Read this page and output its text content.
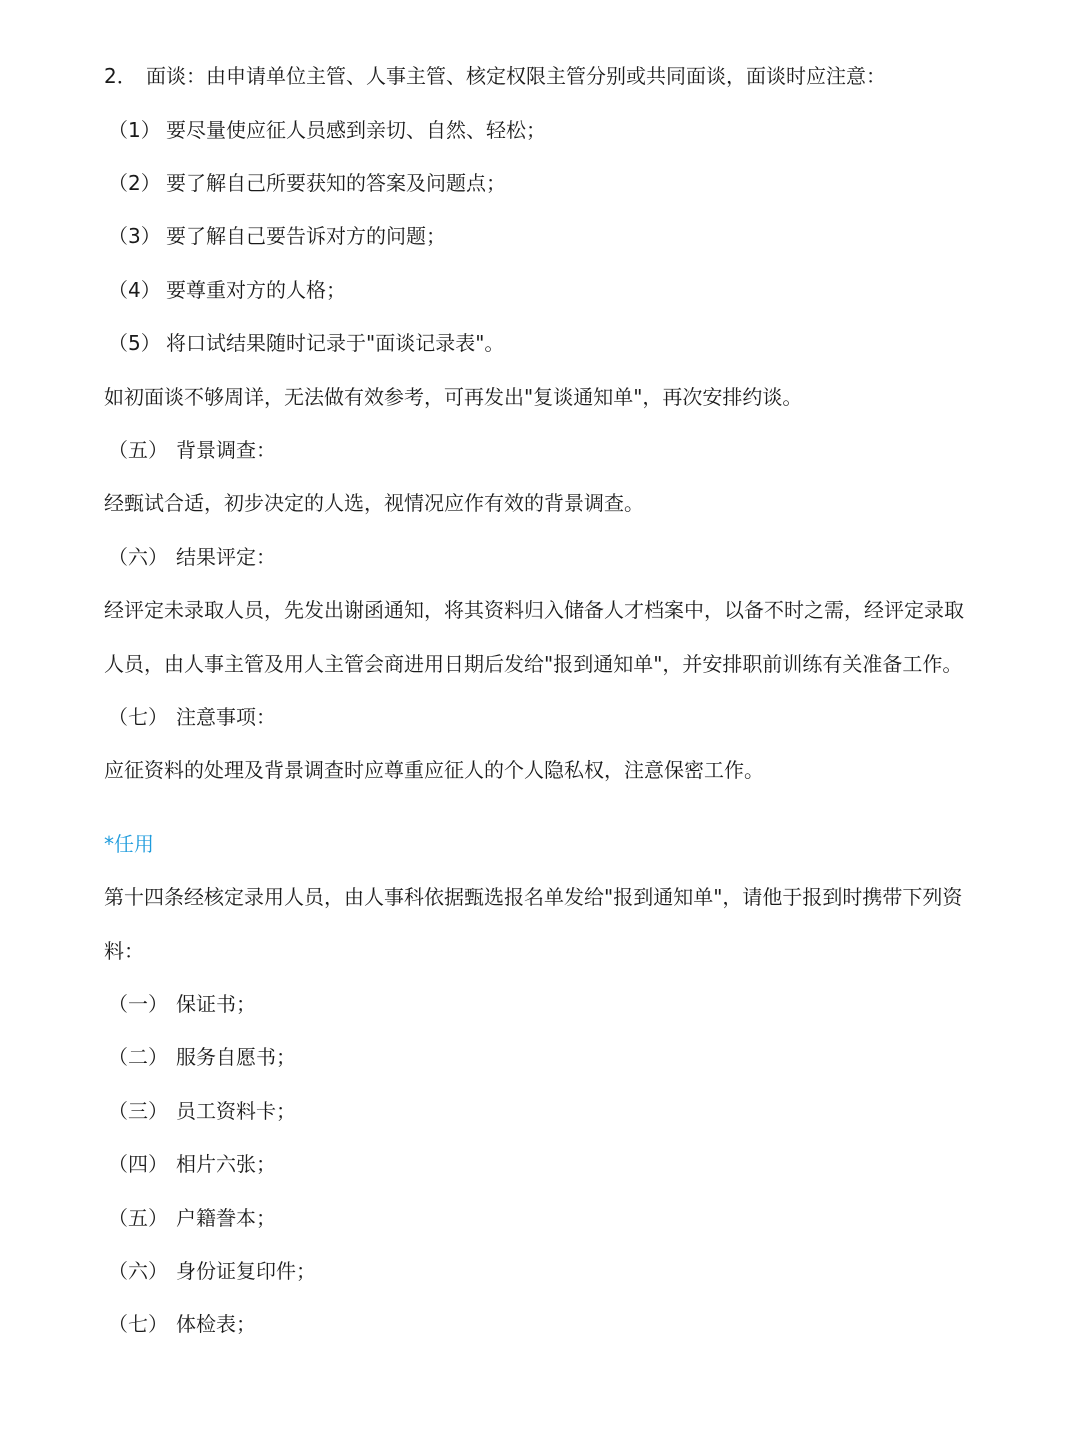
2． 面谈：由申请单位主管、人事主管、核定权限主管分别或共同面谈，面谈时应注意：
（1） 要尽量使应征人员感到亲切、自然、轻松；
（2） 要了解自己所要获知的答案及问题点；
（3） 要了解自己要告诉对方的问题；
（4） 要尊重对方的人格；
（5） 将口试结果随时记录于"面谈记录表"。
如初面谈不够周详，无法做有效参考，可再发出"复谈通知单"，再次安排约谈。
（五） 背景调查：
经甄试合适，初步决定的人选，视情况应作有效的背景调查。
（六） 结果评定：
经评定未录取人员，先发出谢函通知，将其资料归入储备人才档案中，以备不时之需，经评定录取
人员，由人事主管及用人主管会商进用日期后发给"报到通知单"，并安排职前训练有关准备工作。
（七） 注意事项：
应征资料的处理及背景调查时应尊重应征人的个人隐私权，注意保密工作。
*任用
第十四条经核定录用人员，由人事科依据甄选报名单发给"报到通知单"，请他于报到时携带下列资
料：
（一） 保证书；
（二） 服务自愿书；
（三） 员工资料卡；
（四） 相片六张；
（五） 户籍誊本；
（六） 身份证复印件；
（七） 体检表；
